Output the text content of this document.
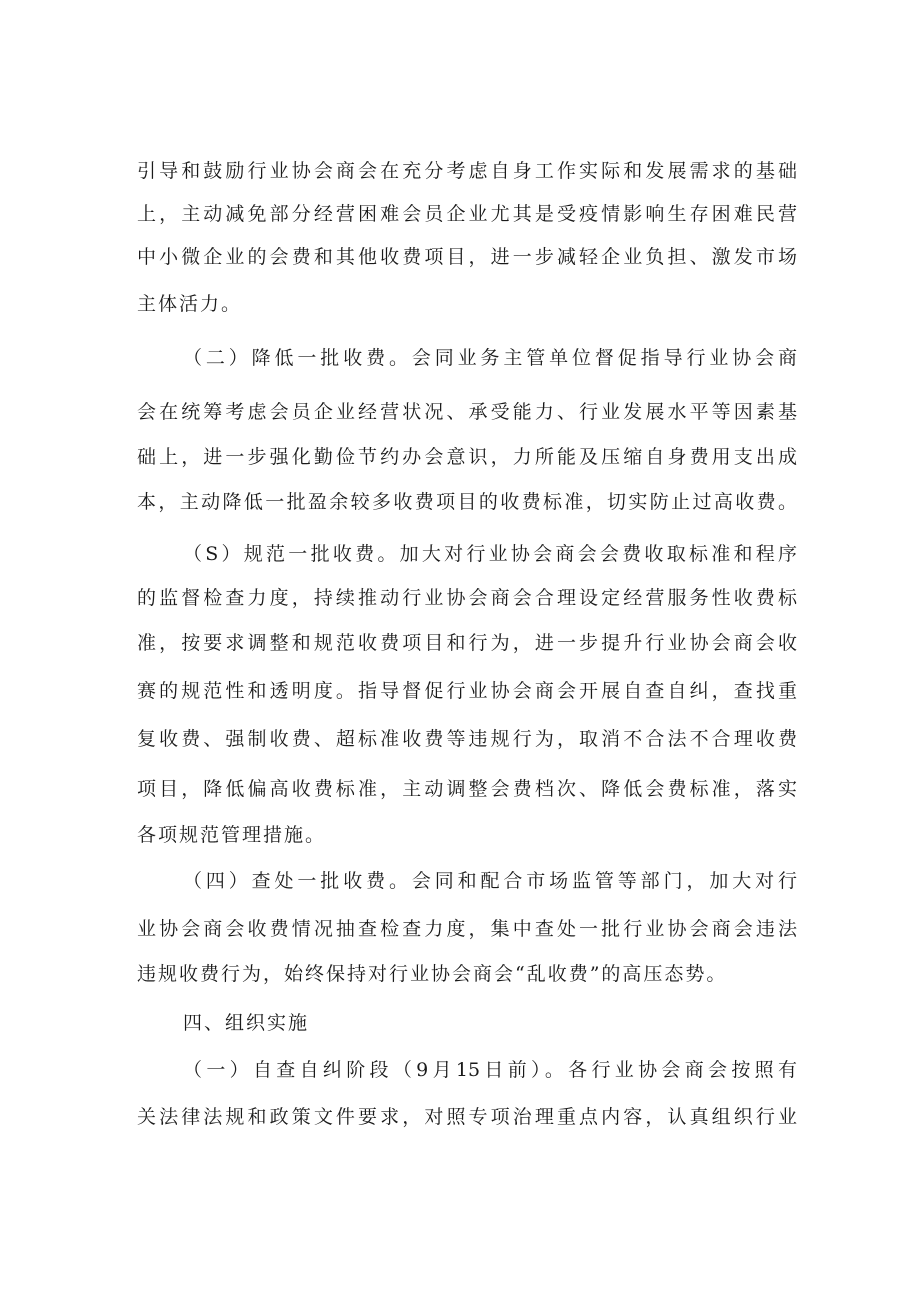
引导和鼓励行业协会商会在充分考虑自身工作实际和发展需求的基础
上，主动减免部分经营困难会员企业尤其是受疫情影响生存困难民营
中小微企业的会费和其他收费项目，进一步减轻企业负担、激发市场
主体活力。
（二）降低一批收费。会同业务主管单位督促指导行业协会商
会在统筹考虑会员企业经营状况、承受能力、行业发展水平等因素基
础上，进一步强化勤俭节约办会意识，力所能及压缩自身费用支出成
本，主动降低一批盈余较多收费项目的收费标准，切实防止过高收费。
（S）规范一批收费。加大对行业协会商会会费收取标准和程序
的监督检查力度，持续推动行业协会商会合理设定经营服务性收费标
准，按要求调整和规范收费项目和行为，进一步提升行业协会商会收
赛的规范性和透明度。指导督促行业协会商会开展自查自纠，查找重
复收费、强制收费、超标准收费等违规行为，取消不合法不合理收费
项目，降低偏高收费标准，主动调整会费档次、降低会费标准，落实
各项规范管理措施。
（四）查处一批收费。会同和配合市场监管等部门，加大对行
业协会商会收费情况抽查检查力度，集中查处一批行业协会商会违法
违规收费行为，始终保持对行业协会商会“乱收费”的高压态势。
四、组织实施
（一）自查自纠阶段（9月15日前）。各行业协会商会按照有
关法律法规和政策文件要求，对照专项治理重点内容，认真组织行业
